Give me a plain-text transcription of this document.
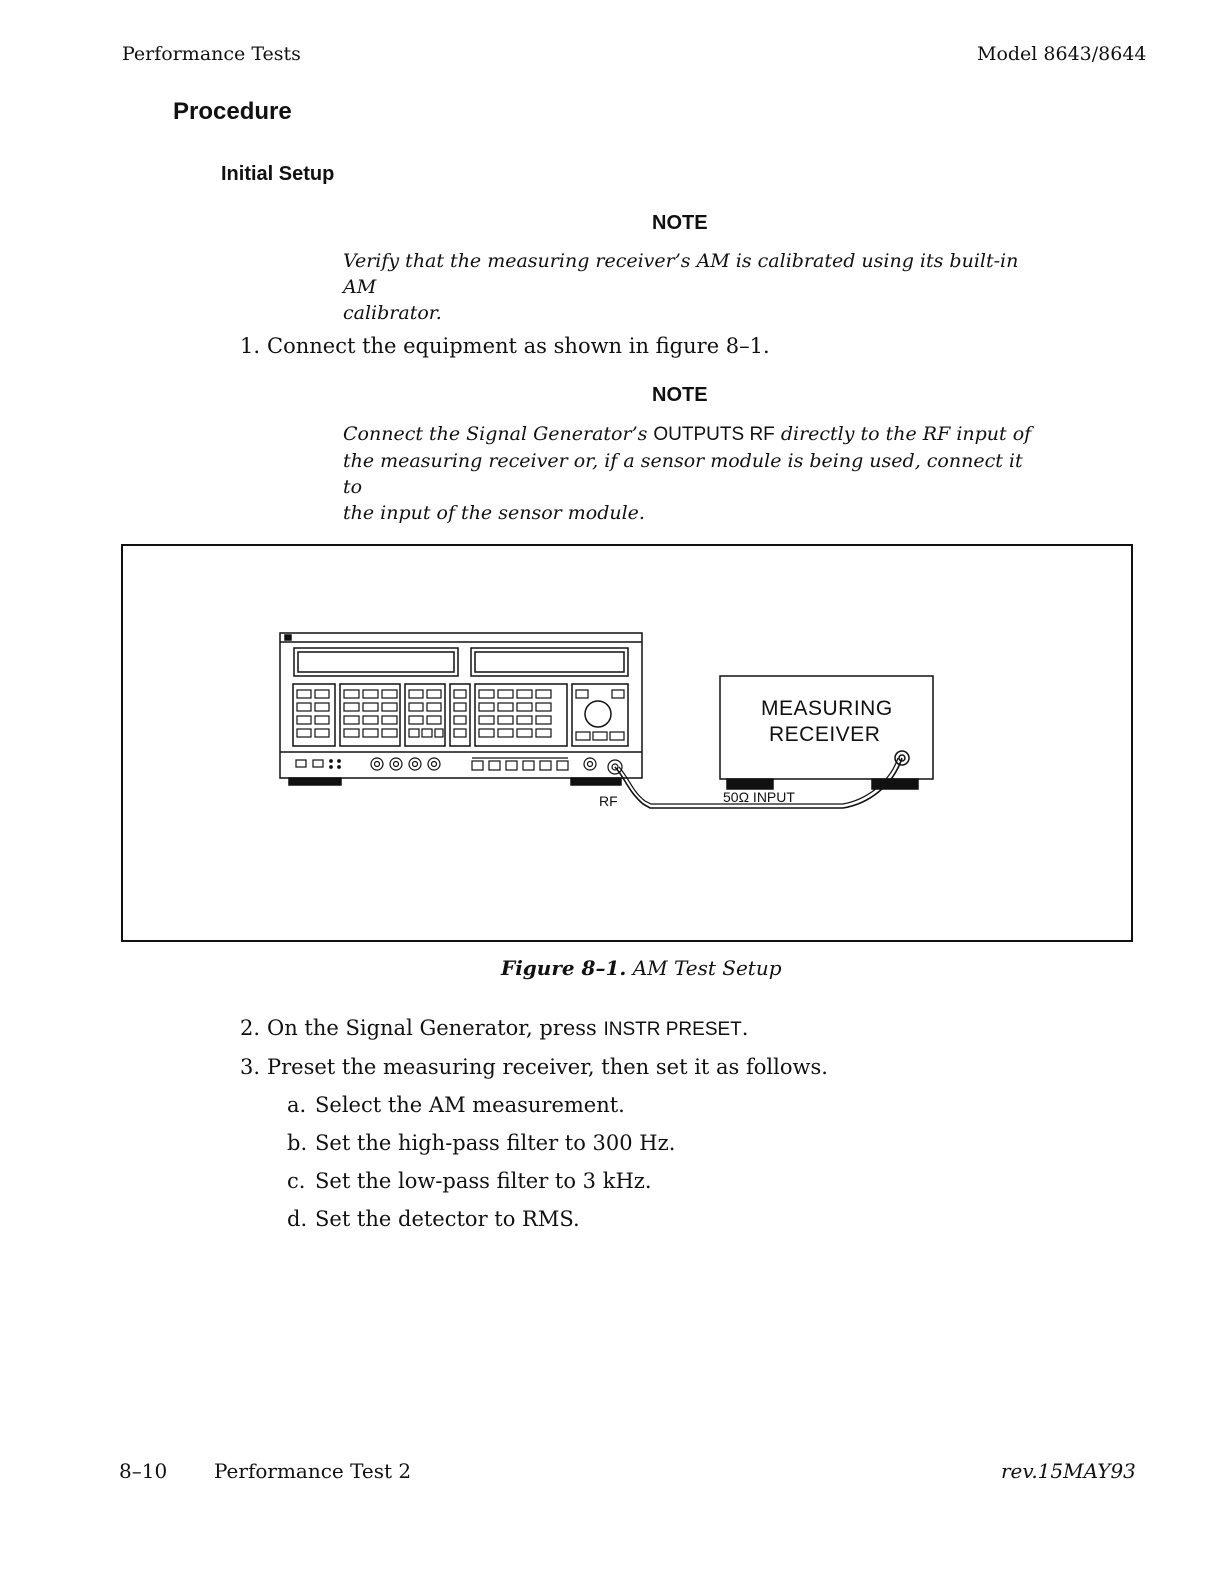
Performance Tests	Model 8643/8644
Procedure
Initial Setup
NOTE
Verify that the measuring receiver’s AM is calibrated using its built-in AM
calibrator.
1. Connect the equipment as shown in figure 8–1.
NOTE
Connect the Signal Generator’s OUTPUTS RF directly to the RF input of
the measuring receiver or, if a sensor module is being used, connect it to
the input of the sensor module.
MEASURING
RECEIVER
RF	50Ω INPUT
Figure 8–1. AM Test Setup
2. On the Signal Generator, press INSTR PRESET.
3. Preset the measuring receiver, then set it as follows.
a. Select the AM measurement.
b. Set the high-pass filter to 300 Hz.
c. Set the low-pass filter to 3 kHz.
d. Set the detector to RMS.
8–10 Performance Test 2	rev.15MAY93
